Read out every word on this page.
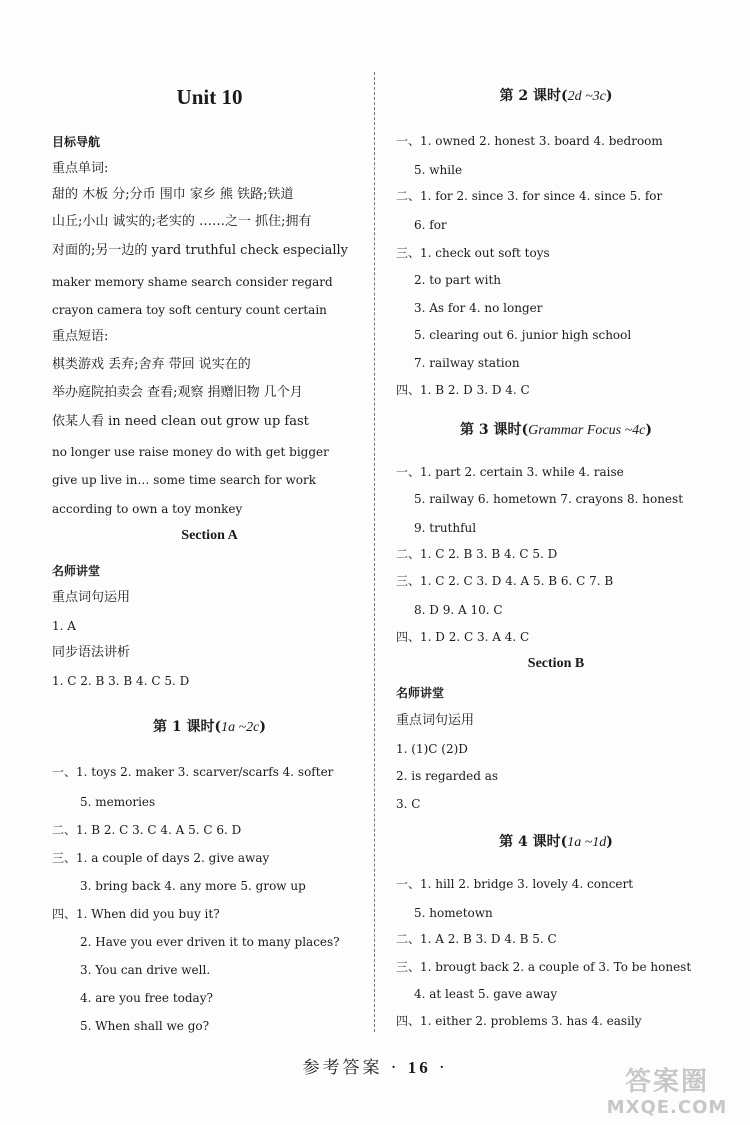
Unit 10
目标导航
重点单词:
甜的 木板 分;分币 围巾 家乡 熊 铁路;铁道
山丘;小山 诚实的;老实的 ……之一 抓住;拥有
对面的;另一边的 yard truthful check especially
maker memory shame search consider regard
crayon camera toy soft century count certain
重点短语:
棋类游戏 丢弃;舍弃 带回 说实在的
举办庭院拍卖会 查看;观察 捐赠旧物 几个月
依某人看 in need clean out grow up fast
no longer use raise money do with get bigger
give up live in… some time search for work
according to own a toy monkey
Section A
名师讲堂
重点词句运用
1. A
同步语法讲析
1. C 2. B 3. B 4. C 5. D
第 1 课时(1a ~2c)
一、1. toys 2. maker 3. scarver/scarfs 4. softer
5. memories
二、1. B 2. C 3. C 4. A 5. C 6. D
三、1. a couple of days 2. give away
3. bring back 4. any more 5. grow up
四、1. When did you buy it?
2. Have you ever driven it to many places?
3. You can drive well.
4. are you free today?
5. When shall we go?
第 2 课时(2d ~3c)
一、1. owned 2. honest 3. board 4. bedroom
5. while
二、1. for 2. since 3. for since 4. since 5. for
6. for
三、1. check out soft toys
2. to part with
3. As for 4. no longer
5. clearing out 6. junior high school
7. railway station
四、1. B 2. D 3. D 4. C
第 3 课时(Grammar Focus ~4c)
一、1. part 2. certain 3. while 4. raise
5. railway 6. hometown 7. crayons 8. honest
9. truthful
二、1. C 2. B 3. B 4. C 5. D
三、1. C 2. C 3. D 4. A 5. B 6. C 7. B
8. D 9. A 10. C
四、1. D 2. C 3. A 4. C
Section B
名师讲堂
重点词句运用
1. (1)C (2)D
2. is regarded as
3. C
第 4 课时(1a ~1d)
一、1. hill 2. bridge 3. lovely 4. concert
5. hometown
二、1. A 2. B 3. D 4. B 5. C
三、1. brougt back 2. a couple of 3. To be honest
4. at least 5. gave away
四、1. either 2. problems 3. has 4. easily
参考答案 · 16 ·	答案圈
MXQE.COM
